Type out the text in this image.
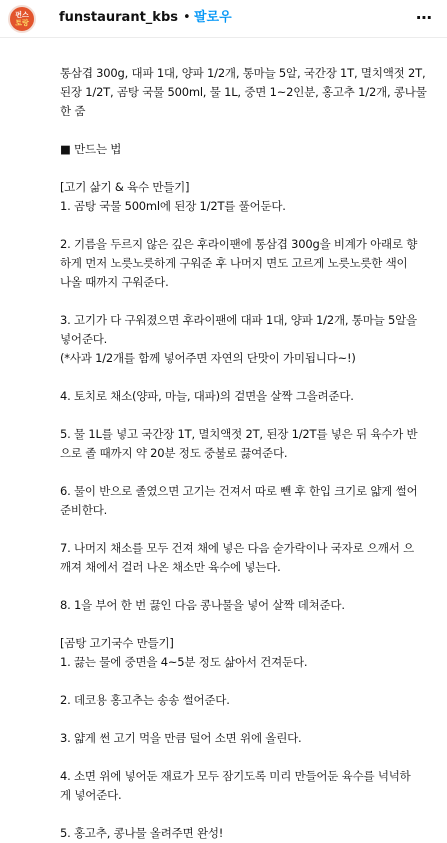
펀스
토랑	funstaurant_kbs • 팔로우	⋯
통삼겹 300g, 대파 1대, 양파 1/2개, 통마늘 5알, 국간장 1T, 멸치액젓 2T,
된장 1/2T, 곰탕 국물 500ml, 물 1L, 중면 1~2인분, 홍고추 1/2개, 콩나물
한 줌
■ 만드는 법
[고기 삶기 & 육수 만들기]
1. 곰탕 국물 500ml에 된장 1/2T를 풀어둔다.
2. 기름을 두르지 않은 깊은 후라이팬에 통삼겹 300g을 비계가 아래로 향
하게 먼저 노릇노릇하게 구워준 후 나머지 면도 고르게 노릇노릇한 색이
나올 때까지 구워준다.
3. 고기가 다 구워졌으면 후라이팬에 대파 1대, 양파 1/2개, 통마늘 5알을
넣어준다.
(*사과 1/2개를 함께 넣어주면 자연의 단맛이 가미됩니다~!)
4. 토치로 채소(양파, 마늘, 대파)의 겉면을 살짝 그을려준다.
5. 물 1L를 넣고 국간장 1T, 멸치액젓 2T, 된장 1/2T를 넣은 뒤 육수가 반
으로 졸 때까지 약 20분 정도 중불로 끓여준다.
6. 물이 반으로 졸였으면 고기는 건져서 따로 뺀 후 한입 크기로 얇게 썰어
준비한다.
7. 나머지 채소를 모두 건져 채에 넣은 다음 숟가락이나 국자로 으깨서 으
깨져 채에서 걸러 나온 채소만 육수에 넣는다.
8. 1을 부어 한 번 끓인 다음 콩나물을 넣어 살짝 데쳐준다.
[곰탕 고기국수 만들기]
1. 끓는 물에 중면을 4~5분 정도 삶아서 건져둔다.
2. 데코용 홍고추는 송송 썰어준다.
3. 얇게 썬 고기 먹을 만큼 덜어 소면 위에 올린다.
4. 소면 위에 넣어둔 재료가 모두 잠기도록 미리 만들어둔 육수를 넉넉하
게 넣어준다.
5. 홍고추, 콩나물 올려주면 완성!
